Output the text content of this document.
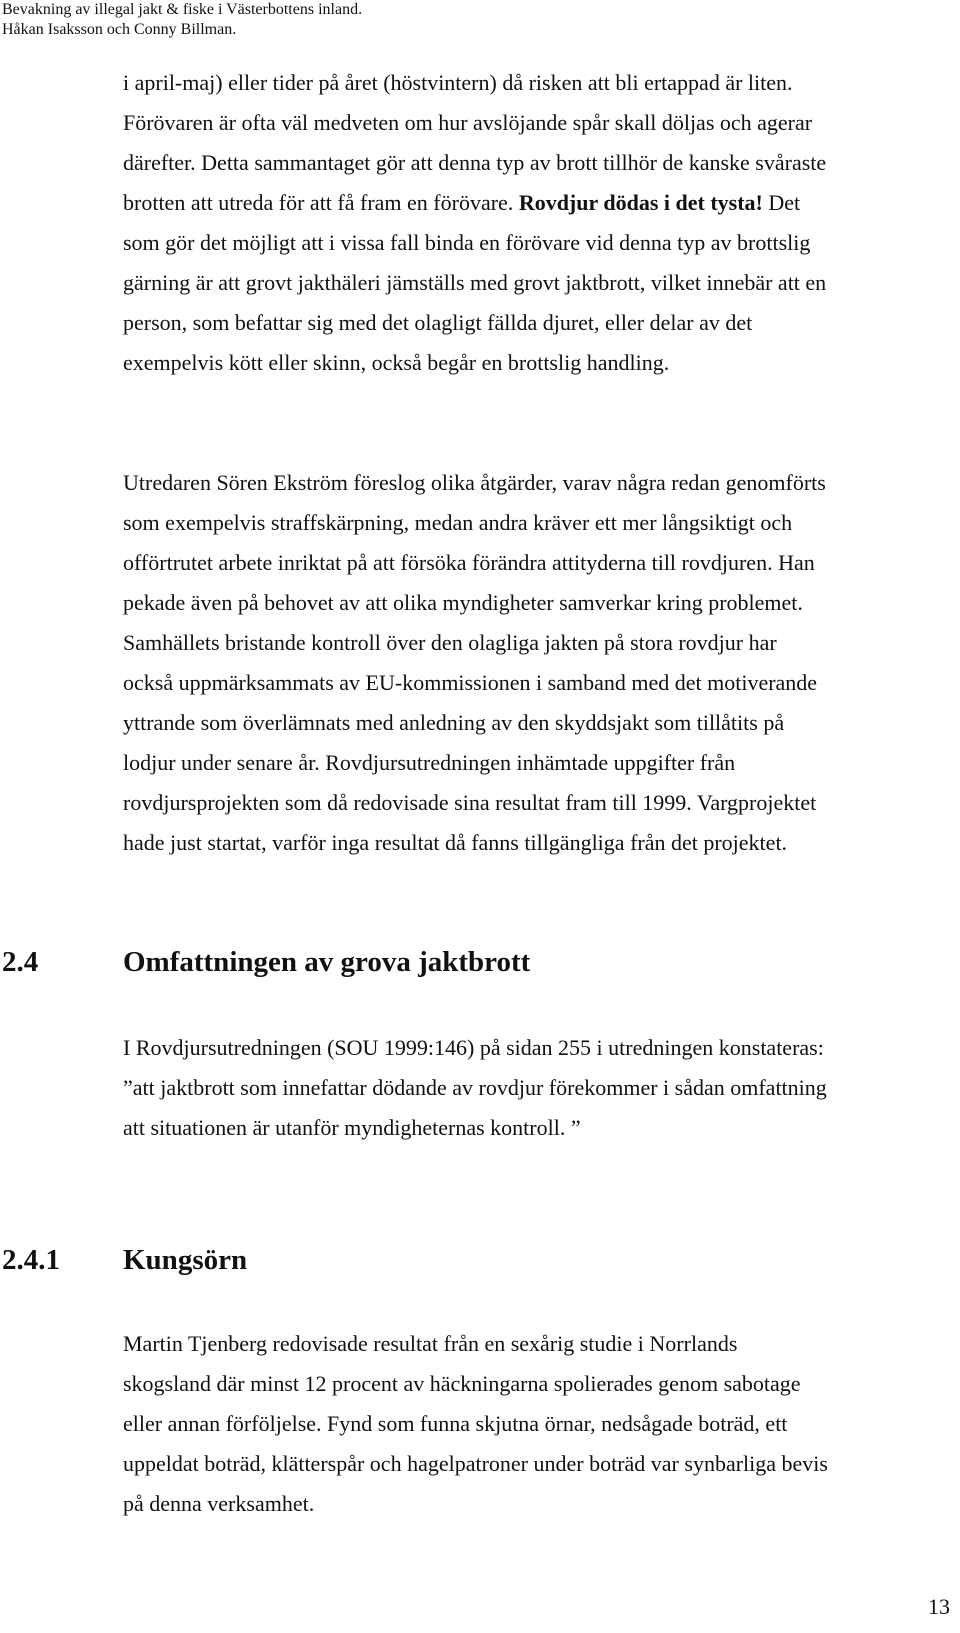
Bevakning av illegal jakt & fiske i Västerbottens inland.
Håkan Isaksson och Conny Billman.
i april-maj) eller tider på året (höstvintern) då risken att bli ertappad är liten.
Förövaren är ofta väl medveten om hur avslöjande spår skall döljas och agerar
därefter. Detta sammantaget gör att denna typ av brott tillhör de kanske svåraste
brotten att utreda för att få fram en förövare. Rovdjur dödas i det tysta! Det
som gör det möjligt att i vissa fall binda en förövare vid denna typ av brottslig
gärning är att grovt jakthäleri jämställs med grovt jaktbrott, vilket innebär att en
person, som befattar sig med det olagligt fällda djuret, eller delar av det
exempelvis kött eller skinn, också begår en brottslig handling.
Utredaren Sören Ekström föreslog olika åtgärder, varav några redan genomförts
som exempelvis straffskärpning, medan andra kräver ett mer långsiktigt och
offörtrutet arbete inriktat på att försöka förändra attityderna till rovdjuren. Han
pekade även på behovet av att olika myndigheter samverkar kring problemet.
Samhällets bristande kontroll över den olagliga jakten på stora rovdjur har
också uppmärksammats av EU-kommissionen i samband med det motiverande
yttrande som överlämnats med anledning av den skyddsjakt som tillåtits på
lodjur under senare år. Rovdjursutredningen inhämtade uppgifter från
rovdjursprojekten som då redovisade sina resultat fram till 1999. Vargprojektet
hade just startat, varför inga resultat då fanns tillgängliga från det projektet.
2.4	Omfattningen av grova jaktbrott
I Rovdjursutredningen (SOU 1999:146) på sidan 255 i utredningen konstateras:
”att jaktbrott som innefattar dödande av rovdjur förekommer i sådan omfattning
att situationen är utanför myndigheternas kontroll. ”
2.4.1 Kungsörn
Martin Tjenberg redovisade resultat från en sexårig studie i Norrlands
skogsland där minst 12 procent av häckningarna spolierades genom sabotage
eller annan förföljelse. Fynd som funna skjutna örnar, nedsågade boträd, ett
uppeldat boträd, klätterspår och hagelpatroner under boträd var synbarliga bevis
på denna verksamhet.
13
